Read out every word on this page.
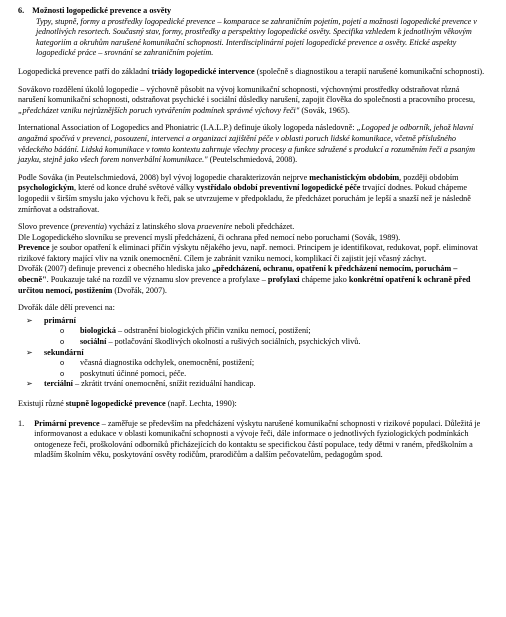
6. Možnosti logopedické prevence a osvěty

Typy, stupně, formy a prostředky logopedické prevence – komparace se zahraničním pojetím, pojetí a možnosti logopedické prevence v jednotlivých resortech. Současný stav, formy, prostředky a perspektivy logopedické osvěty. Specifika vzhledem k jednotlivým věkovým kategoriím a okruhům narušené komunikační schopnosti. Interdisciplinární pojetí logopedické prevence a osvěty. Etické aspekty logopedické práce – srovnání se zahraničním pojetím.

Logopedická prevence patří do základní triády logopedické intervence (společně s diagnostikou a terapií narušené komunikační schopnosti).

Sovákovo rozdělení úkolů logopedie – výchovně působit na vývoj komunikační schopnosti, výchovnými prostředky odstraňovat různá narušení komunikační schopnosti, odstraňovat psychické i sociální důsledky narušení, zapojit člověka do společnosti a pracovního procesu, „předcházet vzniku nejrůznějších poruch vytvářením podmínek správné výchovy řeči" (Sovák, 1965).

International Association of Logopedics and Phoniatric (I.A.L.P.) definuje úkoly logopeda následovně: „Logoped je odborník, jehož hlavní angažmá spočívá v prevenci, posouzení, intervenci a organizaci zajištění péče v oblasti poruch lidské komunikace, včetně příslušného vědeckého bádání. Lidská komunikace v tomto kontextu zahrnuje všechny procesy a funkce sdružené s produkcí a rozuměním řeči a psaným jazyku, stejně jako všech forem nonverbální komunikace." (Peutelschmiedová, 2008).

Podle Sováka (in Peutelschmiedová, 2008) byl vývoj logopedie charakterizován nejprve mechanistickým obdobím, později obdobím psychologickým, které od konce druhé světové války vystřídalo období preventivní logopedické péče trvající dodnes. Pokud chápeme logopedii v širším smyslu jako výchovu k řeči, pak se utvrzujeme v předpokladu, že předcházet poruchám je lepší a snazší než je následně zmírňovat a odstraňovat.

Slovo prevence (preventia) vychází z latinského slova praevenire neboli předcházet.
Dle Logopedického slovníku se prevencí myslí předcházení, či ochrana před nemocí nebo poruchami (Sovák, 1989).
Prevence je soubor opatření k eliminaci příčin výskytu nějakého jevu, např. nemoci. Principem je identifikovat, redukovat, popř. eliminovat rizikové faktory mající vliv na vznik onemocnění. Cílem je zabránit vzniku nemoci, komplikací či zajistit její včasný záchyt.
Dvořák (2007) definuje prevenci z obecného hlediska jako „předcházení, ochranu, opatření k předcházení nemocím, poruchám – obecně". Poukazuje také na rozdíl ve významu slov prevence a profylaxe – profylaxi chápeme jako konkrétní opatření k ochraně před určitou nemocí, postižením (Dvořák, 2007).

Dvořák dále dělí prevenci na:

➢ primární
o biologická – odstranění biologických příčin vzniku nemocí, postižení;
o sociální – potlačování škodlivých okolností a rušivých sociálních, psychických vlivů.
➢ sekundární
o včasná diagnostika odchylek, onemocnění, postižení;
o poskytnutí účinné pomoci, péče.
➢ terciální – zkrátit trvání onemocnění, snížit reziduální handicap.

Existují různé stupně logopedické prevence (např. Lechta, 1990):

1. Primární prevence – zaměřuje se především na předcházení výskytu narušené komunikační schopnosti v rizikové populaci. Důležitá je informovanost a edukace v oblasti komunikační schopnosti a vývoje řeči, dále informace o jednotlivých fyziologických podmínkách ontogeneze řeči, proškolování odborníků přicházejících do kontaktu se specifickou částí populace, tedy dětmi v raném, předškolním a mladším školním věku, poskytování osvěty rodičům, prarodičům a dalším pečovatelům, pedagogům spod.
